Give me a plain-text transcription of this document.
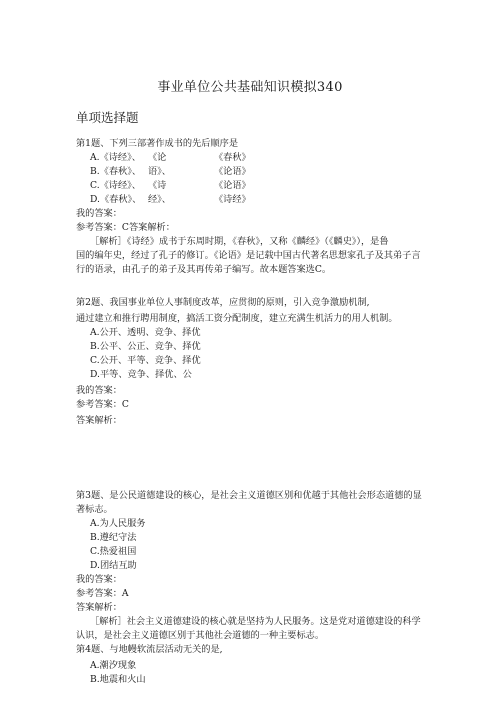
事业单位公共基础知识模拟340
单项选择题
第1题、下列三部著作成书的先后顺序是
A.《诗经》、 《论	《春秋》
B.《春秋》、 语》、	《论语》
C.《诗经》、 《诗	《论语》
D.《春秋》、 经》、	《诗经》
我的答案：
参考答案：C答案解析：
［解析］《诗经》成书于东周时期，《春秋》，又称《麟经》（《麟史》），是鲁
国的编年史，经过了孔子的修订。《论语》是记载中国古代著名思想家孔子及其弟子言
行的语录，由孔子的弟子及其再传弟子编写。故本题答案选C。
第2题、我国事业单位人事制度改革，应贯彻的原则，引入竞争激励机制,
通过建立和推行聘用制度，搞活工资分配制度，建立充满生机活力的用人机制。
A.公开、透明、竞争、择优
B.公平、公正、竞争、择优
C.公开、平等、竞争、择优
D.平等、竞争、择优、公
我的答案：
参考答案：C
答案解析：
第3题、是公民道德建设的核心，是社会主义道德区别和优越于其他社会形态道德的显
著标志。
A.为人民服务
B.遵纪守法
C.热爱祖国
D.团结互助
我的答案：
参考答案：A
答案解析：
［解析］社会主义道德建设的核心就是坚持为人民服务。这是党对道德建设的科学
认识，是社会主义道德区别于其他社会道德的一种主要标志。
第4题、与地幔软流层活动无关的是,
A.潮汐现象
B.地震和火山
